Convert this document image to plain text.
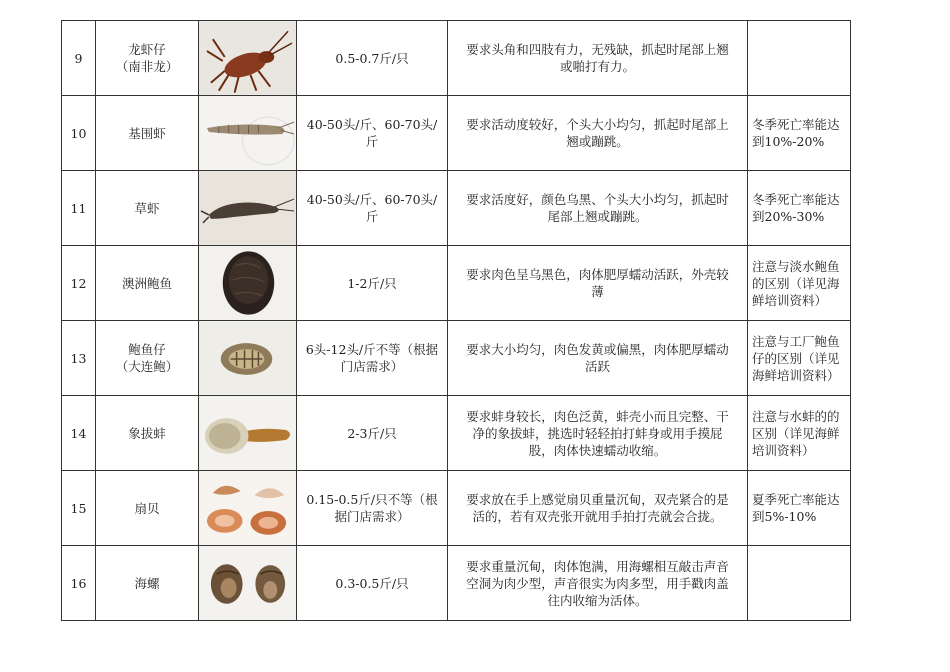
9	龙虾仔
（南非龙）		0.5-0.7斤/只	要求头角和四肢有力，无残缺，抓起时尾部上翘
或啪打有力。	

10	基围虾		40-50头/斤、60-70头/
斤	要求活动度较好，个头大小均匀，抓起时尾部上
翘或蹦跳。	冬季死亡率能达
到10%-20%

11	草虾		40-50头/斤、60-70头/
斤	要求活度好，颜色乌黑、个头大小均匀，抓起时
尾部上翘或蹦跳。	冬季死亡率能达
到20%-30%

12	澳洲鲍鱼		1-2斤/只	要求肉色呈乌黑色，肉体肥厚蠕动活跃，外壳较
薄	注意与淡水鲍鱼
的区别（详见海
鲜培训资料）

13	鲍鱼仔
（大连鲍）		6头-12头/斤不等（根据
门店需求）	要求大小均匀，肉色发黄或偏黑，肉体肥厚蠕动
活跃	注意与工厂鲍鱼
仔的区别（详见
海鲜培训资料）

14	象拔蚌		2-3斤/只	要求蚌身较长，肉色泛黄，蚌壳小而且完整、干
净的象拔蚌，挑选时轻轻拍打蚌身或用手摸屁
股，肉体快速蠕动收缩。	注意与水蚌的的
区别（详见海鲜
培训资料）

15	扇贝		0.15-0.5斤/只不等（根
据门店需求）	要求放在手上感觉扇贝重量沉甸，双壳紧合的是
活的，若有双壳张开就用手拍打壳就会合拢。	夏季死亡率能达
到5%-10%

16	海螺		0.3-0.5斤/只	要求重量沉甸，肉体饱满，用海螺相互敲击声音
空洞为肉少型，声音很实为肉多型，用手戳肉盖
往内收缩为活体。	
